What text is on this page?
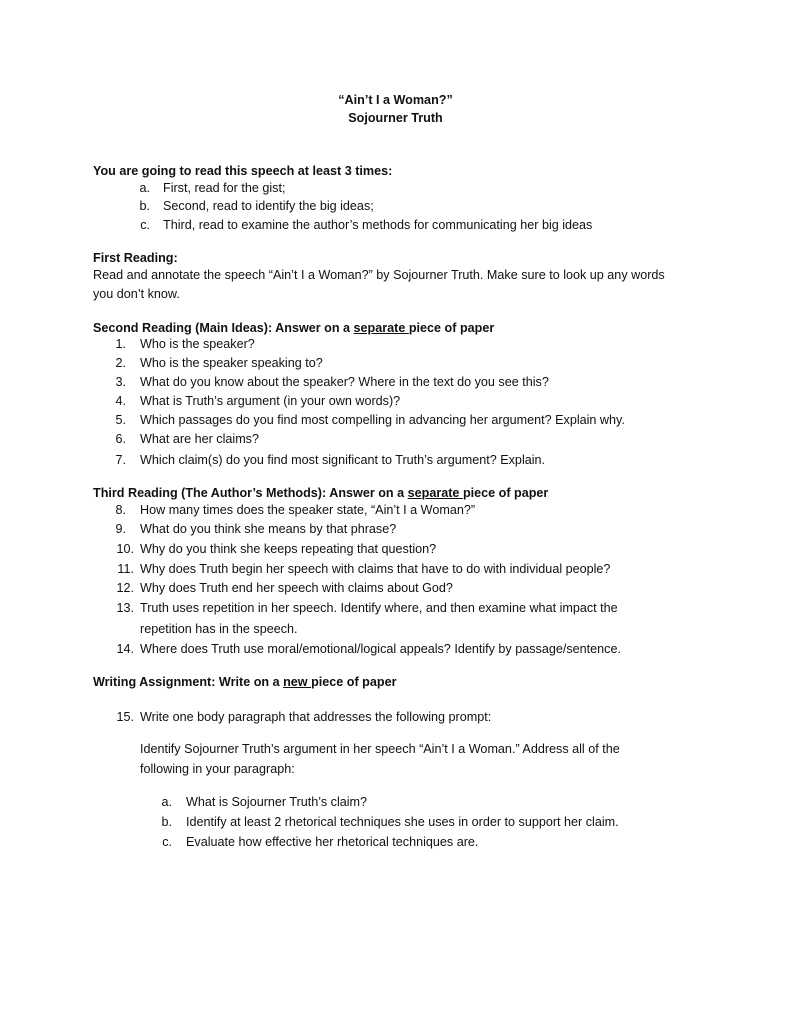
“Ain’t I a Woman?”
Sojourner Truth
You are going to read this speech at least 3 times:
a. First, read for the gist;
b. Second, read to identify the big ideas;
c. Third, read to examine the author’s methods for communicating her big ideas
First Reading:
Read and annotate the speech “Ain’t I a Woman?” by Sojourner Truth. Make sure to look up any words
you don’t know.
Second Reading (Main Ideas): Answer on a separate piece of paper
1. Who is the speaker?
2. Who is the speaker speaking to?
3. What do you know about the speaker? Where in the text do you see this?
4. What is Truth’s argument (in your own words)?
5. Which passages do you find most compelling in advancing her argument? Explain why.
6. What are her claims?
7. Which claim(s) do you find most significant to Truth’s argument? Explain.
Third Reading (The Author’s Methods): Answer on a separate piece of paper
8. How many times does the speaker state, “Ain’t I a Woman?”
9. What do you think she means by that phrase?
10. Why do you think she keeps repeating that question?
11. Why does Truth begin her speech with claims that have to do with individual people?
12. Why does Truth end her speech with claims about God?
13. Truth uses repetition in her speech. Identify where, and then examine what impact the
repetition has in the speech.
14. Where does Truth use moral/emotional/logical appeals? Identify by passage/sentence.
Writing Assignment: Write on a new piece of paper
15. Write one body paragraph that addresses the following prompt:
Identify Sojourner Truth’s argument in her speech “Ain’t I a Woman.” Address all of the
following in your paragraph:
a. What is Sojourner Truth’s claim?
b. Identify at least 2 rhetorical techniques she uses in order to support her claim.
c. Evaluate how effective her rhetorical techniques are.
